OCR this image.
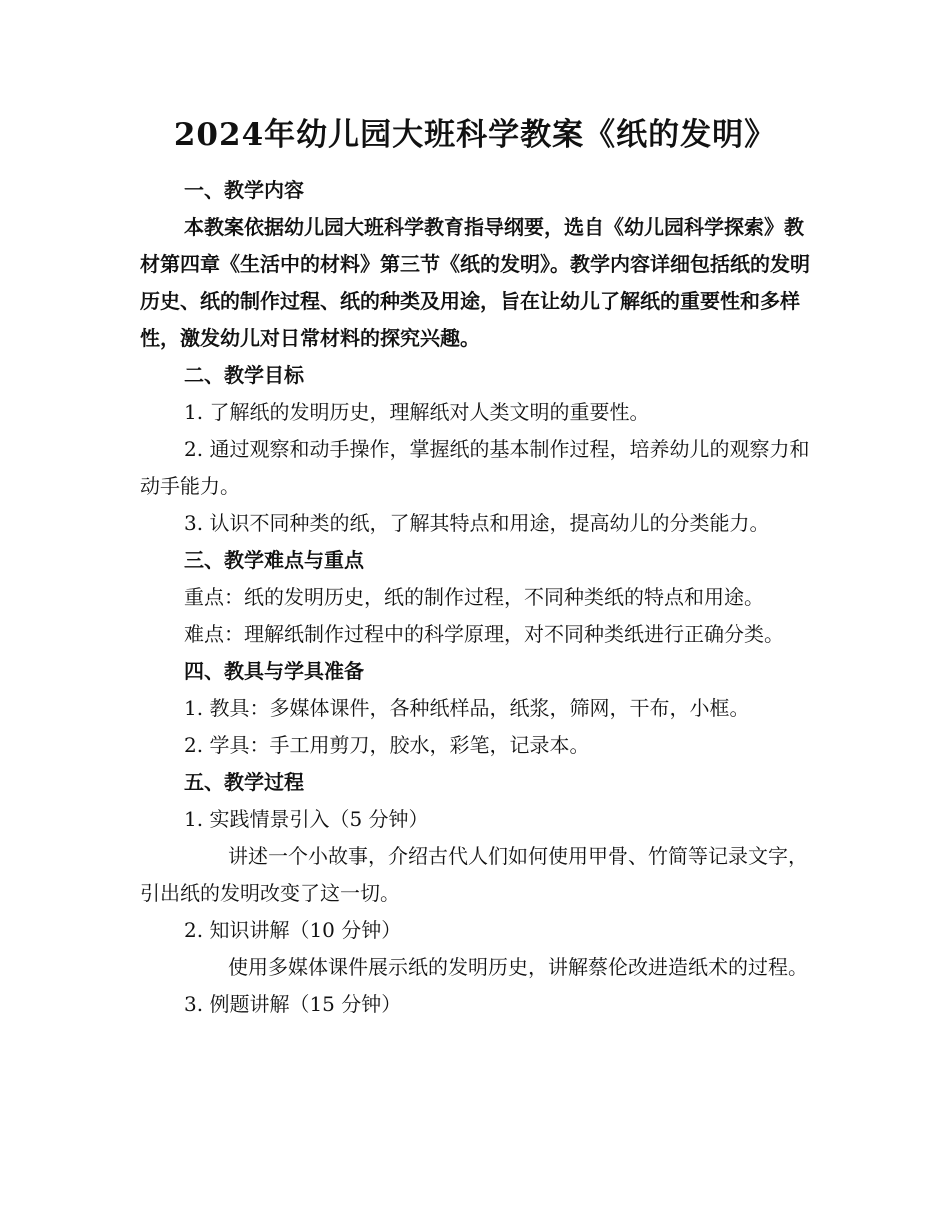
2024年幼儿园大班科学教案《纸的发明》

一、教学内容

本教案依据幼儿园大班科学教育指导纲要，选自《幼儿园科学探索》教材第四章《生活中的材料》第三节《纸的发明》。教学内容详细包括纸的发明历史、纸的制作过程、纸的种类及用途，旨在让幼儿了解纸的重要性和多样性，激发幼儿对日常材料的探究兴趣。

二、教学目标

1. 了解纸的发明历史，理解纸对人类文明的重要性。

2. 通过观察和动手操作，掌握纸的基本制作过程，培养幼儿的观察力和动手能力。

3. 认识不同种类的纸，了解其特点和用途，提高幼儿的分类能力。

三、教学难点与重点

重点：纸的发明历史，纸的制作过程，不同种类纸的特点和用途。

难点：理解纸制作过程中的科学原理，对不同种类纸进行正确分类。

四、教具与学具准备

1. 教具：多媒体课件，各种纸样品，纸浆，筛网，干布，小框。

2. 学具：手工用剪刀，胶水，彩笔，记录本。

五、教学过程

1. 实践情景引入（5 分钟）

讲述一个小故事，介绍古代人们如何使用甲骨、竹简等记录文字，引出纸的发明改变了这一切。

2. 知识讲解（10 分钟）

使用多媒体课件展示纸的发明历史，讲解蔡伦改进造纸术的过程。

3. 例题讲解（15 分钟）
